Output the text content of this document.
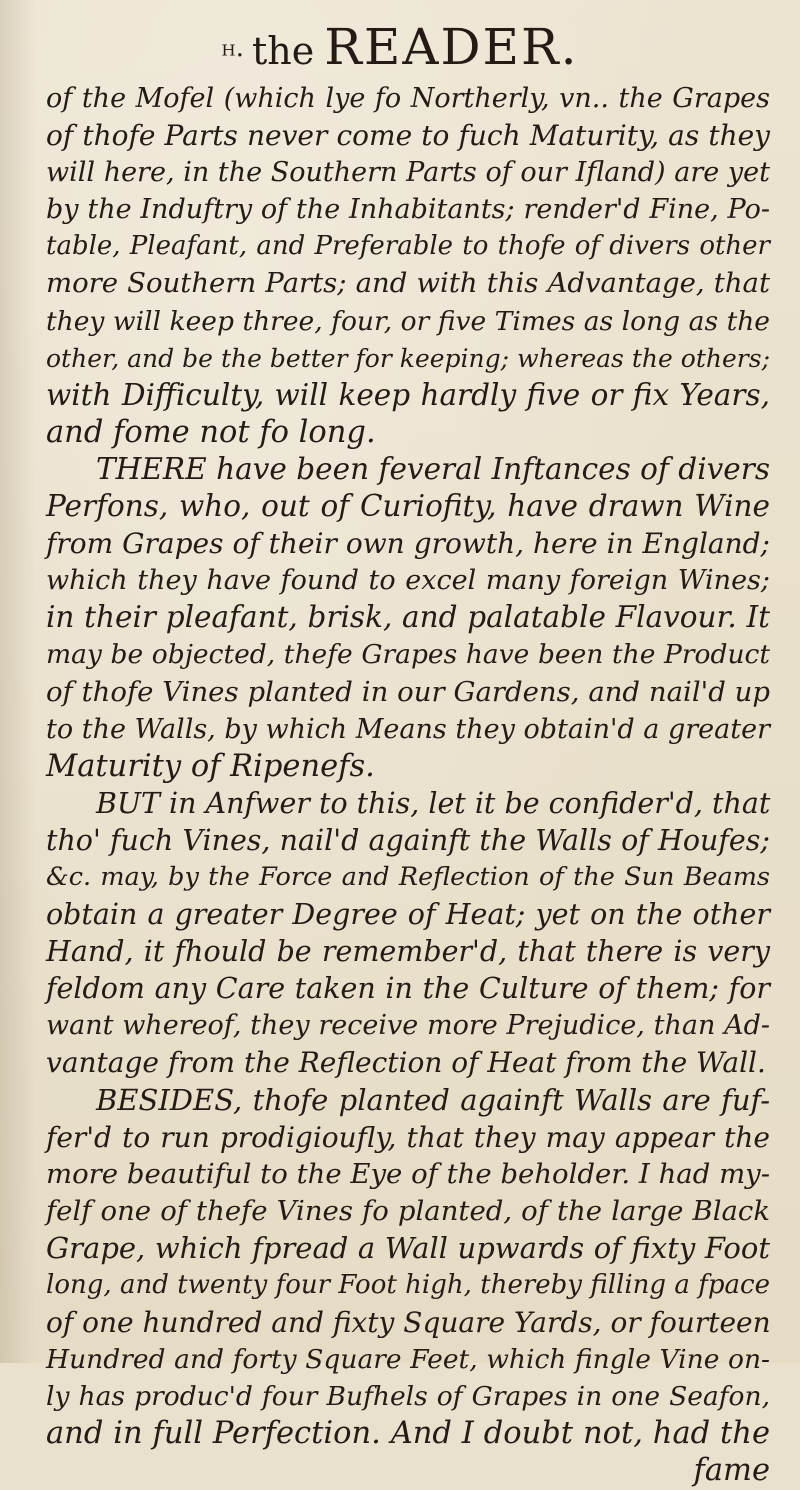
ᴴ· the READER.
of the Mofel (which lye fo Northerly, vn.. the Grapes
of thofe Parts never come to fuch Maturity, as they
will here, in the Southern Parts of our Ifland) are yet
by the Induftry of the Inhabitants; render'd Fine, Po-
table, Pleafant, and Preferable to thofe of divers other
more Southern Parts; and with this Advantage, that
they will keep three, four, or five Times as long as the
other, and be the better for keeping; whereas the others;
with Difficulty, will keep hardly five or fix Years,
and fome not fo long.
THERE have been feveral Inftances of divers
Perfons, who, out of Curiofity, have drawn Wine
from Grapes of their own growth, here in England;
which they have found to excel many foreign Wines;
in their pleafant, brisk, and palatable Flavour. It
may be objected, thefe Grapes have been the Product
of thofe Vines planted in our Gardens, and nail'd up
to the Walls, by which Means they obtain'd a greater
Maturity of Ripenefs.
BUT in Anfwer to this, let it be confider'd, that
tho' fuch Vines, nail'd againft the Walls of Houfes;
&c. may, by the Force and Reflection of the Sun Beams
obtain a greater Degree of Heat; yet on the other
Hand, it fhould be remember'd, that there is very
feldom any Care taken in the Culture of them; for
want whereof, they receive more Prejudice, than Ad-
vantage from the Reflection of Heat from the Wall.
BESIDES, thofe planted againft Walls are fuf-
fer'd to run prodigioufly, that they may appear the
more beautiful to the Eye of the beholder. I had my-
felf one of thefe Vines fo planted, of the large Black
Grape, which fpread a Wall upwards of fixty Foot
long, and twenty four Foot high, thereby filling a fpace
of one hundred and fixty Square Yards, or fourteen
Hundred and forty Square Feet, which fingle Vine on-
ly has produc'd four Bufhels of Grapes in one Seafon,
and in full Perfection. And I doubt not, had the
fame
